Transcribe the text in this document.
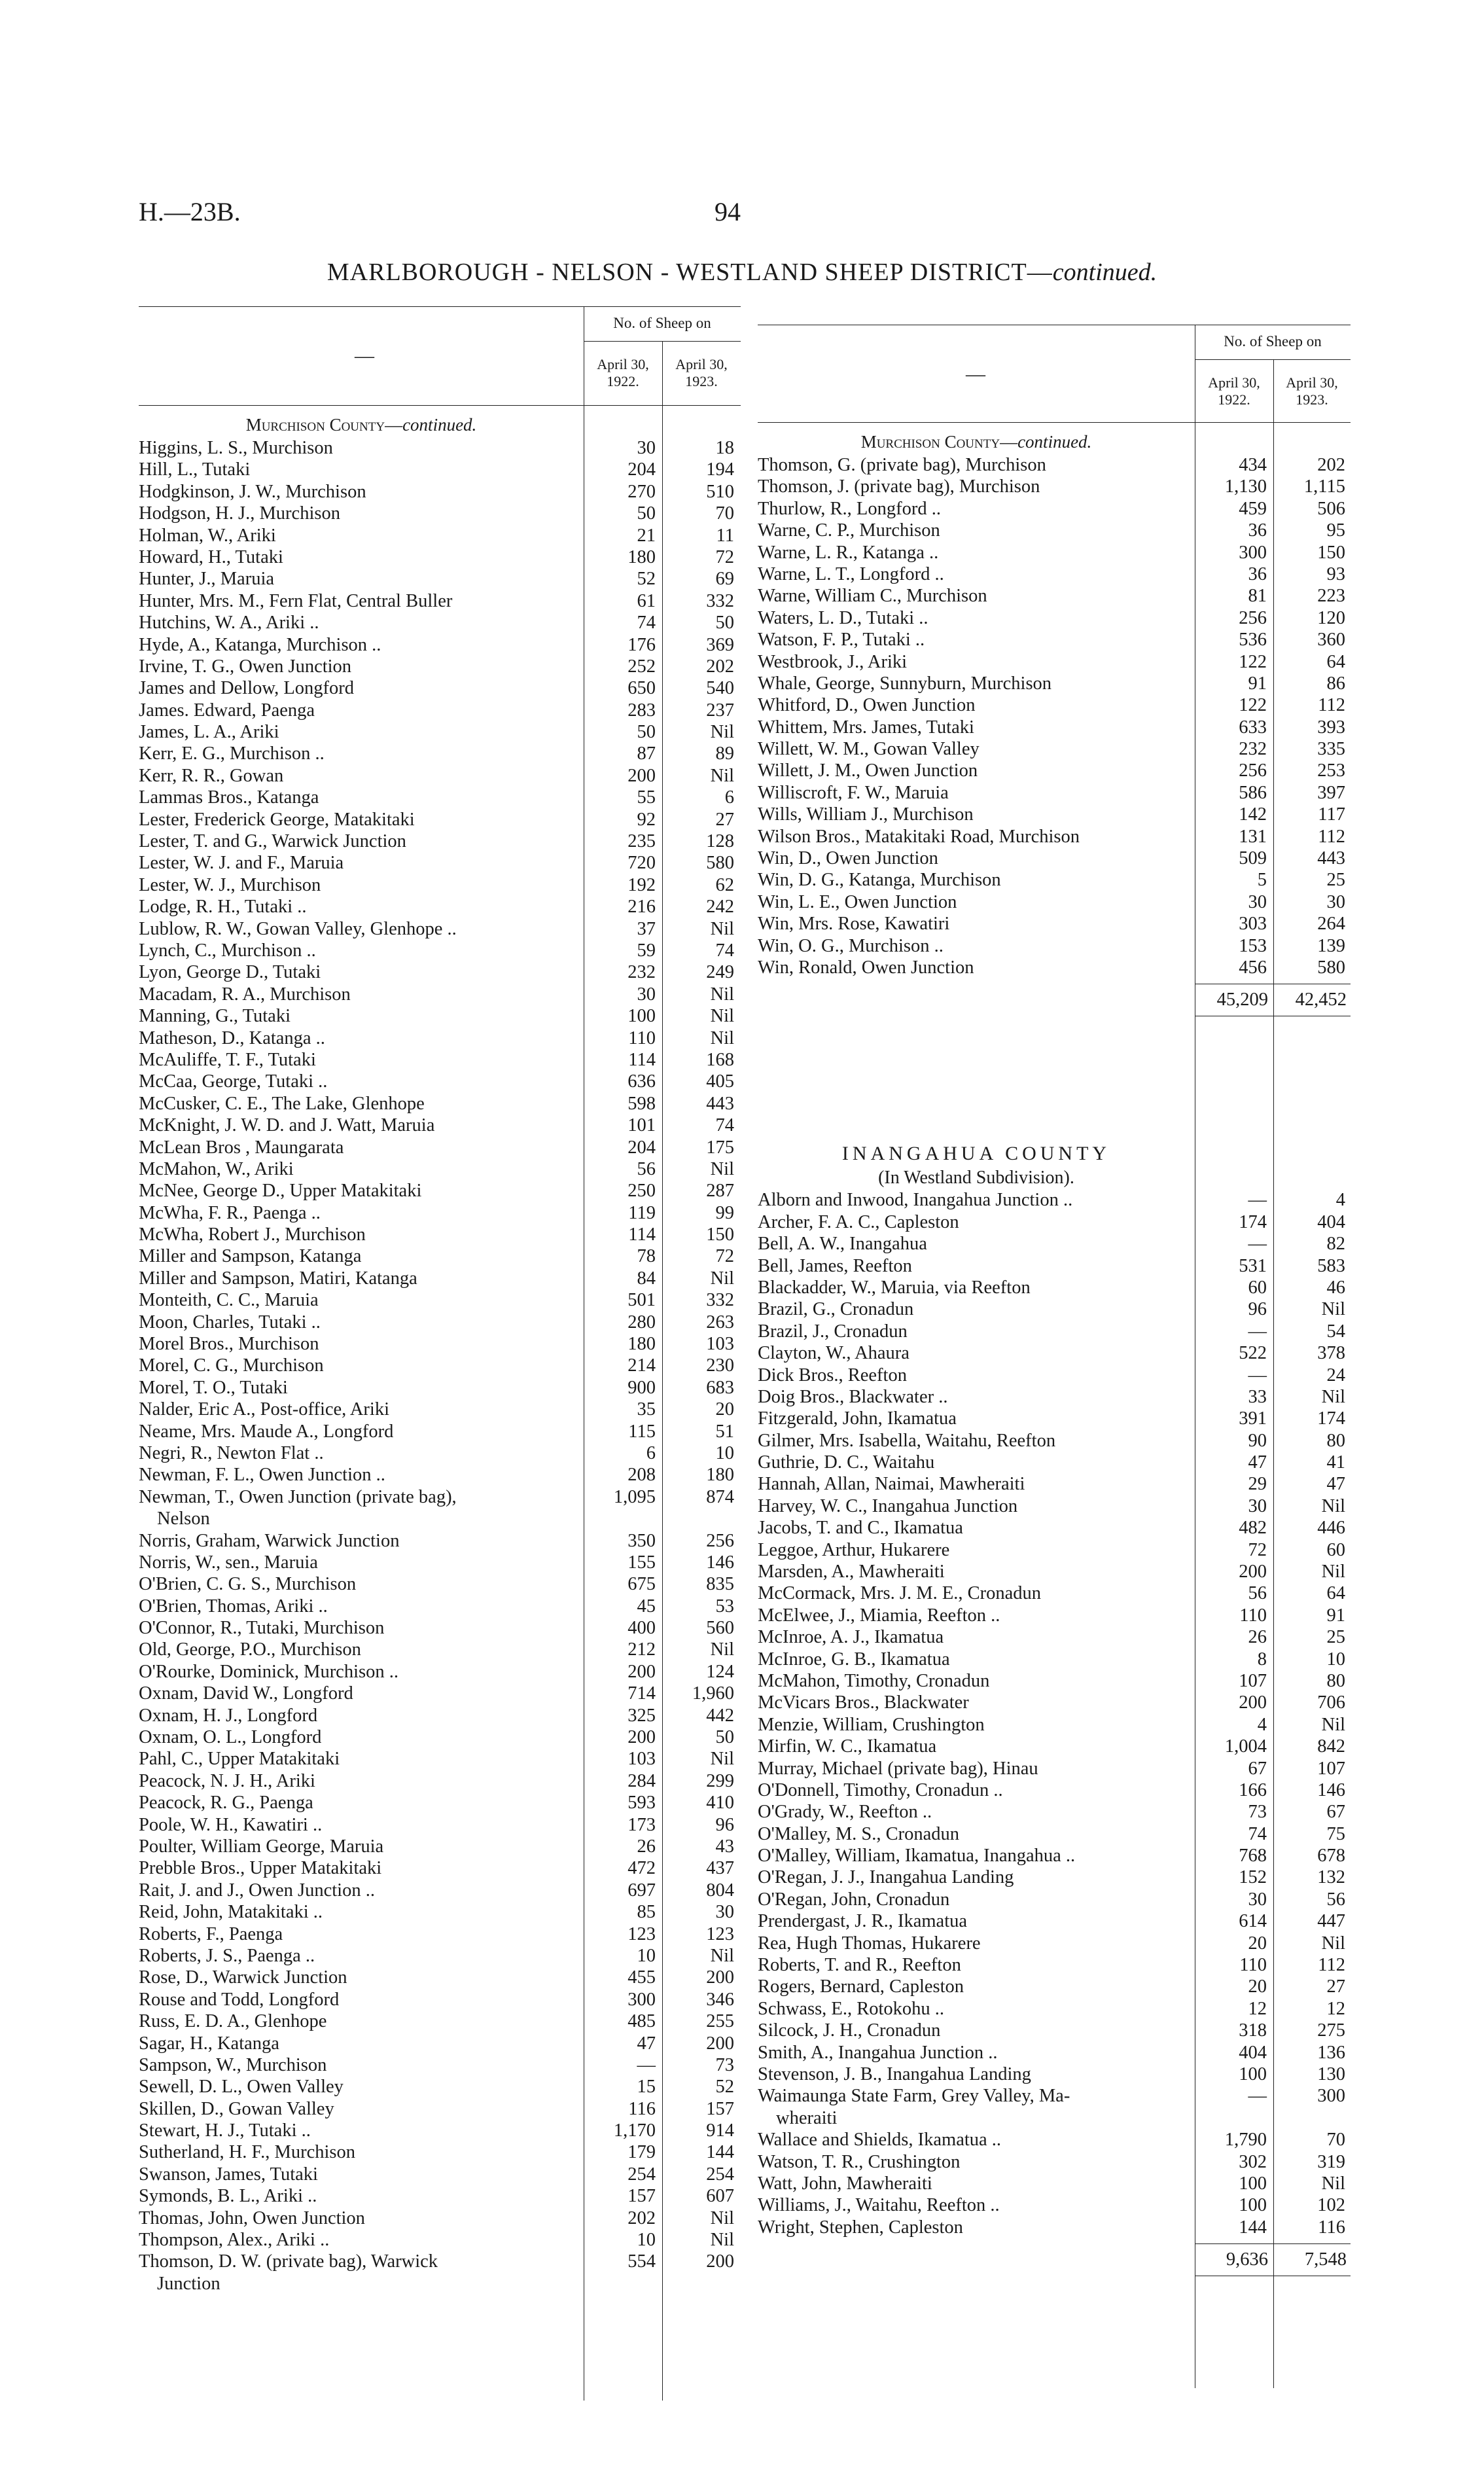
H.—23B.	94
MARLBOROUGH - NELSON - WESTLAND SHEEP DISTRICT—continued.
—
No. of Sheep on
April 30,
1922.
April 30,
1923.
Murchison County—continued.
Higgins, L. S., Murchison	30	18
Hill, L., Tutaki	204	194
Hodgkinson, J. W., Murchison	270	510
Hodgson, H. J., Murchison	50	70
Holman, W., Ariki	21	11
Howard, H., Tutaki	180	72
Hunter, J., Maruia	52	69
Hunter, Mrs. M., Fern Flat, Central Buller	61	332
Hutchins, W. A., Ariki ..	74	50
Hyde, A., Katanga, Murchison ..	176	369
Irvine, T. G., Owen Junction	252	202
James and Dellow, Longford	650	540
James. Edward, Paenga	283	237
James, L. A., Ariki	50	Nil
Kerr, E. G., Murchison ..	87	89
Kerr, R. R., Gowan	200	Nil
Lammas Bros., Katanga	55	6
Lester, Frederick George, Matakitaki	92	27
Lester, T. and G., Warwick Junction	235	128
Lester, W. J. and F., Maruia	720	580
Lester, W. J., Murchison	192	62
Lodge, R. H., Tutaki ..	216	242
Lublow, R. W., Gowan Valley, Glenhope ..	37	Nil
Lynch, C., Murchison ..	59	74
Lyon, George D., Tutaki	232	249
Macadam, R. A., Murchison	30	Nil
Manning, G., Tutaki	100	Nil
Matheson, D., Katanga ..	110	Nil
McAuliffe, T. F., Tutaki	114	168
McCaa, George, Tutaki ..	636	405
McCusker, C. E., The Lake, Glenhope	598	443
McKnight, J. W. D. and J. Watt, Maruia	101	74
McLean Bros , Maungarata	204	175
McMahon, W., Ariki	56	Nil
McNee, George D., Upper Matakitaki	250	287
McWha, F. R., Paenga ..	119	99
McWha, Robert J., Murchison	114	150
Miller and Sampson, Katanga	78	72
Miller and Sampson, Matiri, Katanga	84	Nil
Monteith, C. C., Maruia	501	332
Moon, Charles, Tutaki ..	280	263
Morel Bros., Murchison	180	103
Morel, C. G., Murchison	214	230
Morel, T. O., Tutaki	900	683
Nalder, Eric A., Post-office, Ariki	35	20
Neame, Mrs. Maude A., Longford	115	51
Negri, R., Newton Flat ..	6	10
Newman, F. L., Owen Junction ..	208	180
Newman, T., Owen Junction (private bag),	1,095	874
Nelson
Norris, Graham, Warwick Junction	350	256
Norris, W., sen., Maruia	155	146
O'Brien, C. G. S., Murchison	675	835
O'Brien, Thomas, Ariki ..	45	53
O'Connor, R., Tutaki, Murchison	400	560
Old, George, P.O., Murchison	212	Nil
O'Rourke, Dominick, Murchison ..	200	124
Oxnam, David W., Longford	714	1,960
Oxnam, H. J., Longford	325	442
Oxnam, O. L., Longford	200	50
Pahl, C., Upper Matakitaki	103	Nil
Peacock, N. J. H., Ariki	284	299
Peacock, R. G., Paenga	593	410
Poole, W. H., Kawatiri ..	173	96
Poulter, William George, Maruia	26	43
Prebble Bros., Upper Matakitaki	472	437
Rait, J. and J., Owen Junction ..	697	804
Reid, John, Matakitaki ..	85	30
Roberts, F., Paenga	123	123
Roberts, J. S., Paenga ..	10	Nil
Rose, D., Warwick Junction	455	200
Rouse and Todd, Longford	300	346
Russ, E. D. A., Glenhope	485	255
Sagar, H., Katanga	47	200
Sampson, W., Murchison	—	73
Sewell, D. L., Owen Valley	15	52
Skillen, D., Gowan Valley	116	157
Stewart, H. J., Tutaki ..	1,170	914
Sutherland, H. F., Murchison	179	144
Swanson, James, Tutaki	254	254
Symonds, B. L., Ariki ..	157	607
Thomas, John, Owen Junction	202	Nil
Thompson, Alex., Ariki ..	10	Nil
Thomson, D. W. (private bag), Warwick	554	200
Junction
—
No. of Sheep on
April 30,
1922.
April 30,
1923.
Murchison County—continued.
Thomson, G. (private bag), Murchison	434	202
Thomson, J. (private bag), Murchison	1,130	1,115
Thurlow, R., Longford ..	459	506
Warne, C. P., Murchison	36	95
Warne, L. R., Katanga ..	300	150
Warne, L. T., Longford ..	36	93
Warne, William C., Murchison	81	223
Waters, L. D., Tutaki ..	256	120
Watson, F. P., Tutaki ..	536	360
Westbrook, J., Ariki	122	64
Whale, George, Sunnyburn, Murchison	91	86
Whitford, D., Owen Junction	122	112
Whittem, Mrs. James, Tutaki	633	393
Willett, W. M., Gowan Valley	232	335
Willett, J. M., Owen Junction	256	253
Williscroft, F. W., Maruia	586	397
Wills, William J., Murchison	142	117
Wilson Bros., Matakitaki Road, Murchison	131	112
Win, D., Owen Junction	509	443
Win, D. G., Katanga, Murchison	5	25
Win, L. E., Owen Junction	30	30
Win, Mrs. Rose, Kawatiri	303	264
Win, O. G., Murchison ..	153	139
Win, Ronald, Owen Junction	456	580
45,209	42,452
INANGAHUA COUNTY
(In Westland Subdivision).
Alborn and Inwood, Inangahua Junction ..	—	4
Archer, F. A. C., Capleston	174	404
Bell, A. W., Inangahua	—	82
Bell, James, Reefton	531	583
Blackadder, W., Maruia, via Reefton	60	46
Brazil, G., Cronadun	96	Nil
Brazil, J., Cronadun	—	54
Clayton, W., Ahaura	522	378
Dick Bros., Reefton	—	24
Doig Bros., Blackwater ..	33	Nil
Fitzgerald, John, Ikamatua	391	174
Gilmer, Mrs. Isabella, Waitahu, Reefton	90	80
Guthrie, D. C., Waitahu	47	41
Hannah, Allan, Naimai, Mawheraiti	29	47
Harvey, W. C., Inangahua Junction	30	Nil
Jacobs, T. and C., Ikamatua	482	446
Leggoe, Arthur, Hukarere	72	60
Marsden, A., Mawheraiti	200	Nil
McCormack, Mrs. J. M. E., Cronadun	56	64
McElwee, J., Miamia, Reefton ..	110	91
McInroe, A. J., Ikamatua	26	25
McInroe, G. B., Ikamatua	8	10
McMahon, Timothy, Cronadun	107	80
McVicars Bros., Blackwater	200	706
Menzie, William, Crushington	4	Nil
Mirfin, W. C., Ikamatua	1,004	842
Murray, Michael (private bag), Hinau	67	107
O'Donnell, Timothy, Cronadun ..	166	146
O'Grady, W., Reefton ..	73	67
O'Malley, M. S., Cronadun	74	75
O'Malley, William, Ikamatua, Inangahua ..	768	678
O'Regan, J. J., Inangahua Landing	152	132
O'Regan, John, Cronadun	30	56
Prendergast, J. R., Ikamatua	614	447
Rea, Hugh Thomas, Hukarere	20	Nil
Roberts, T. and R., Reefton	110	112
Rogers, Bernard, Capleston	20	27
Schwass, E., Rotokohu ..	12	12
Silcock, J. H., Cronadun	318	275
Smith, A., Inangahua Junction ..	404	136
Stevenson, J. B., Inangahua Landing	100	130
Waimaunga State Farm, Grey Valley, Ma-	—	300
wheraiti
Wallace and Shields, Ikamatua ..	1,790	70
Watson, T. R., Crushington	302	319
Watt, John, Mawheraiti	100	Nil
Williams, J., Waitahu, Reefton ..	100	102
Wright, Stephen, Capleston	144	116
9,636	7,548
